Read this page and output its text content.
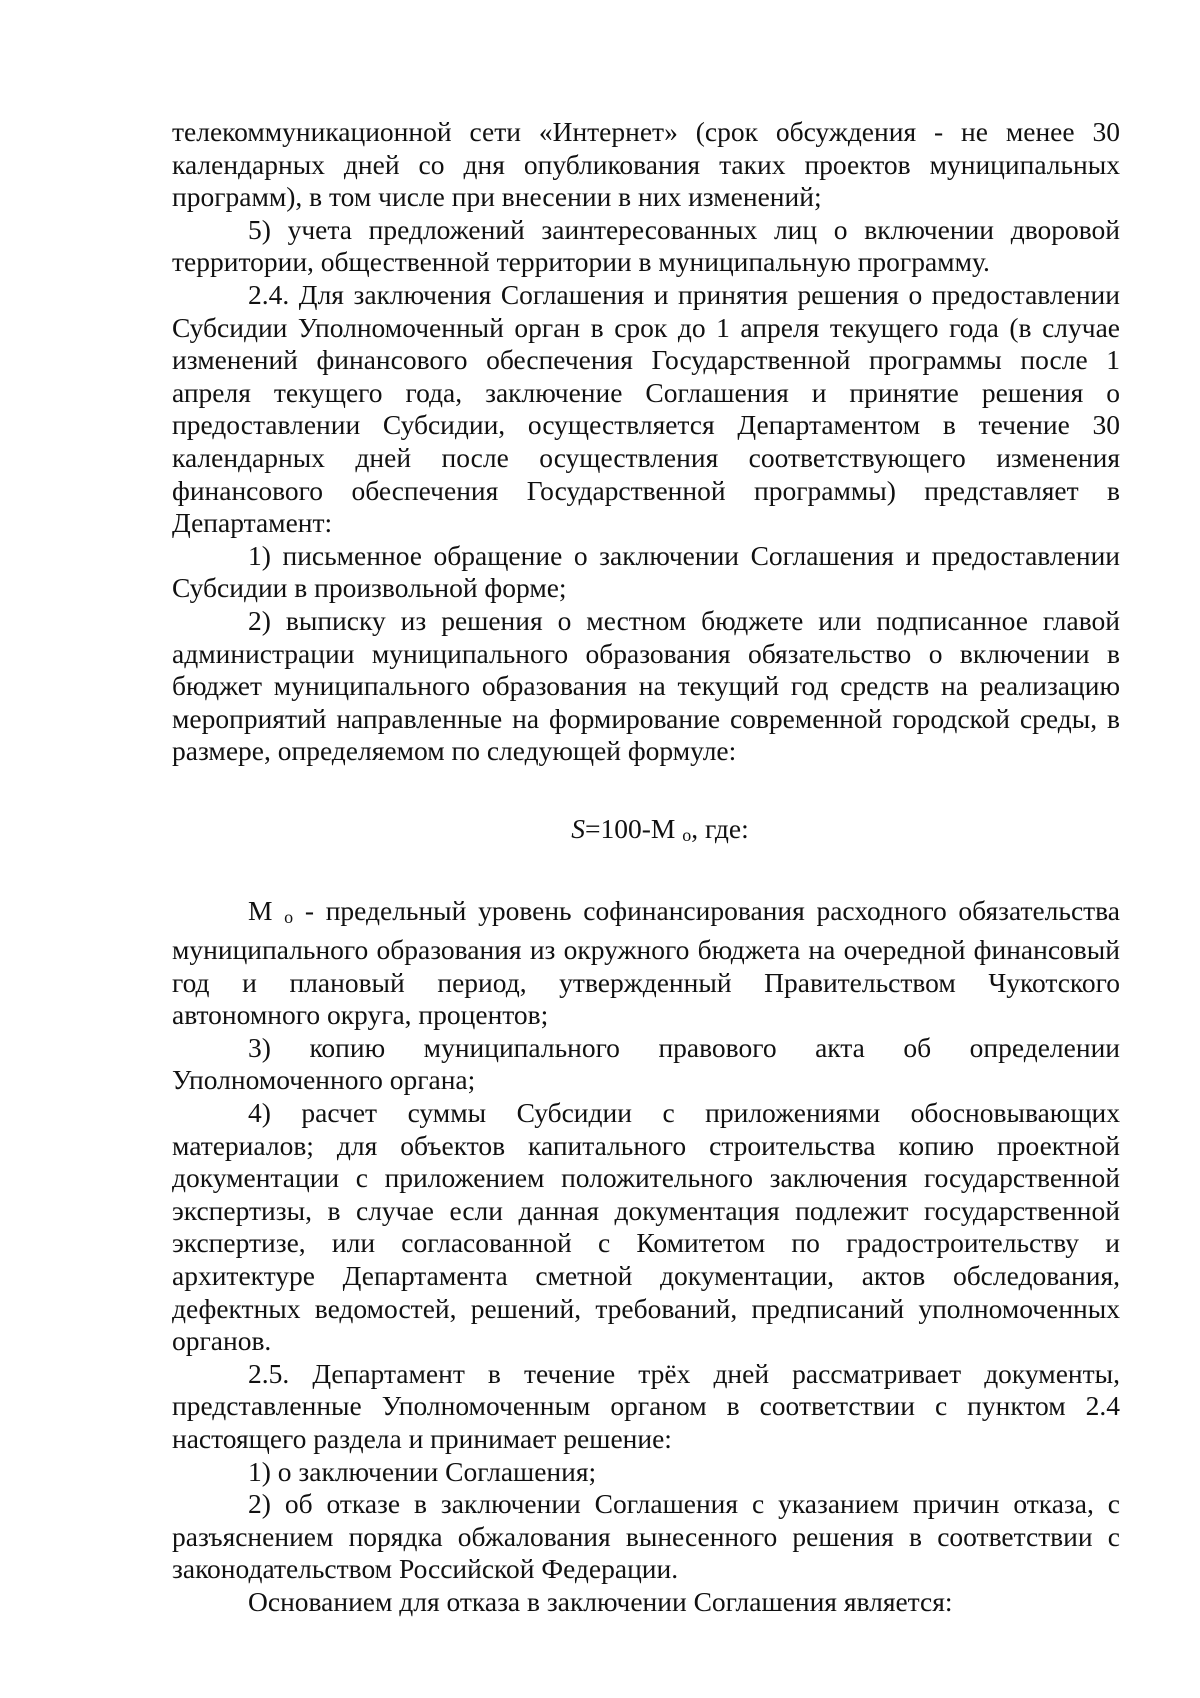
телекоммуникационной сети «Интернет» (срок обсуждения - не менее 30 календарных дней со дня опубликования таких проектов муниципальных программ), в том числе при внесении в них изменений;

5) учета предложений заинтересованных лиц о включении дворовой территории, общественной территории в муниципальную программу.

2.4. Для заключения Соглашения и принятия решения о предоставлении Субсидии Уполномоченный орган в срок до 1 апреля текущего года (в случае изменений финансового обеспечения Государственной программы после 1 апреля текущего года, заключение Соглашения и принятие решения о предоставлении Субсидии, осуществляется Департаментом в течение 30 календарных дней после осуществления соответствующего изменения финансового обеспечения Государственной программы) представляет в Департамент:

1) письменное обращение о заключении Соглашения и предоставлении Субсидии в произвольной форме;

2) выписку из решения о местном бюджете или подписанное главой администрации муниципального образования обязательство о включении в бюджет муниципального образования на текущий год средств на реализацию мероприятий направленные на формирование современной городской среды, в размере, определяемом по следующей формуле:

S=100-М о, где:

М о - предельный уровень софинансирования расходного обязательства муниципального образования из окружного бюджета на очередной финансовый год и плановый период, утвержденный Правительством Чукотского автономного округа, процентов;

3) копию муниципального правового акта об определении Уполномоченного органа;

4) расчет суммы Субсидии с приложениями обосновывающих материалов; для объектов капитального строительства копию проектной документации с приложением положительного заключения государственной экспертизы, в случае если данная документация подлежит государственной экспертизе, или согласованной с Комитетом по градостроительству и архитектуре Департамента сметной документации, актов обследования, дефектных ведомостей, решений, требований, предписаний уполномоченных органов.

2.5. Департамент в течение трёх дней рассматривает документы, представленные Уполномоченным органом в соответствии с пунктом 2.4 настоящего раздела и принимает решение:

1) о заключении Соглашения;

2) об отказе в заключении Соглашения с указанием причин отказа, с разъяснением порядка обжалования вынесенного решения в соответствии с законодательством Российской Федерации.

Основанием для отказа в заключении Соглашения является:
